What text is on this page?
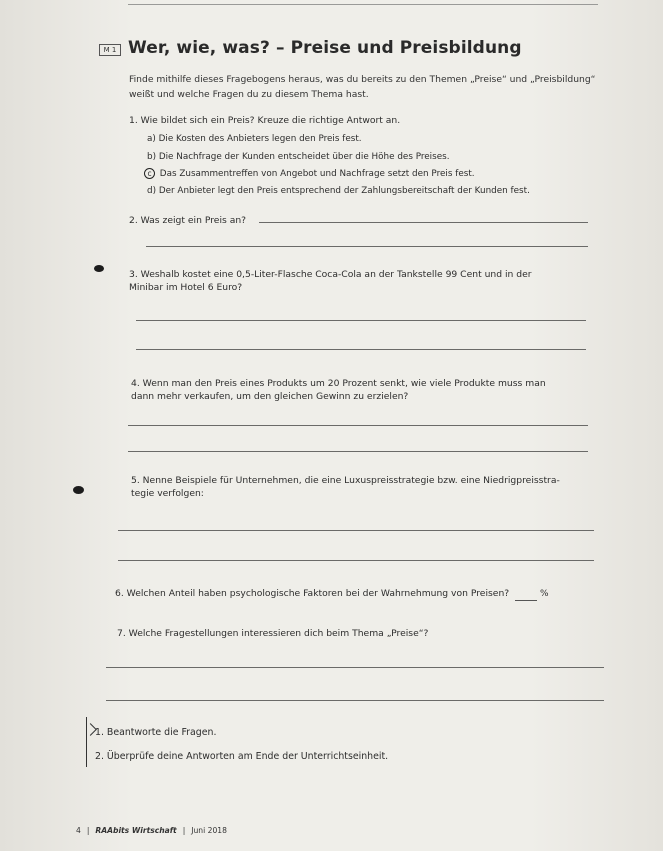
M 1 Wer, wie, was? – Preise und Preisbildung
Finde mithilfe dieses Fragebogens heraus, was du bereits zu den Themen „Preise“ und „Preisbildung“ weißt und welche Fragen du zu diesem Thema hast.
1. Wie bildet sich ein Preis? Kreuze die richtige Antwort an.
a) Die Kosten des Anbieters legen den Preis fest.
b) Die Nachfrage der Kunden entscheidet über die Höhe des Preises.
c Das Zusammentreffen von Angebot und Nachfrage setzt den Preis fest.
d) Der Anbieter legt den Preis entsprechend der Zahlungsbereitschaft der Kunden fest.
2. Was zeigt ein Preis an?
3. Weshalb kostet eine 0,5-Liter-Flasche Coca-Cola an der Tankstelle 99 Cent und in der
Minibar im Hotel 6 Euro?
4. Wenn man den Preis eines Produkts um 20 Prozent senkt, wie viele Produkte muss man
dann mehr verkaufen, um den gleichen Gewinn zu erzielen?
5. Nenne Beispiele für Unternehmen, die eine Luxuspreisstrategie bzw. eine Niedrigpreisstra-
tegie verfolgen:
6. Welchen Anteil haben psychologische Faktoren bei der Wahrnehmung von Preisen?	%
7. Welche Fragestellungen interessieren dich beim Thema „Preise“?
1. Beantworte die Fragen.
2. Überprüfe deine Antworten am Ende der Unterrichtseinheit.
4 | RAAbits Wirtschaft | Juni 2018
